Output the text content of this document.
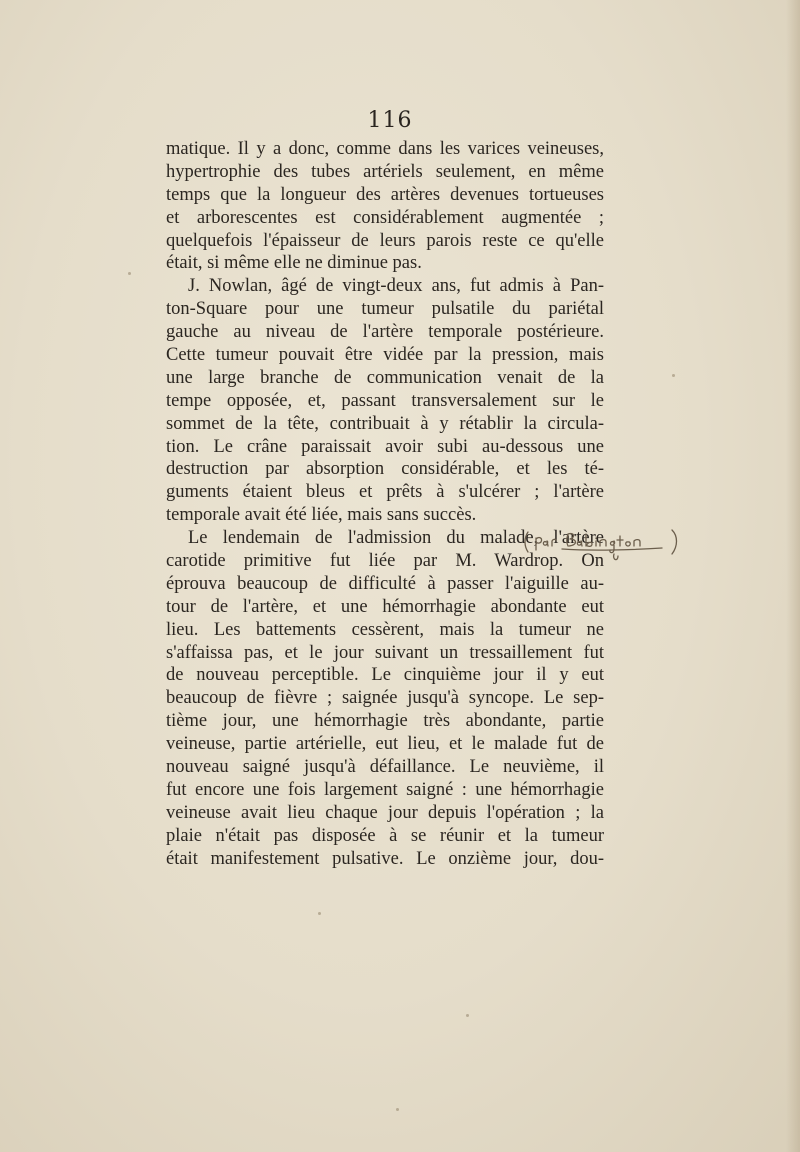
116
matique. Il y a donc, comme dans les varices veineuses,
hypertrophie des tubes artériels seulement, en même
temps que la longueur des artères devenues tortueuses
et arborescentes est considérablement augmentée ;
quelquefois l'épaisseur de leurs parois reste ce qu'elle
était, si même elle ne diminue pas.
J. Nowlan, âgé de vingt-deux ans, fut admis à Pan-
ton-Square pour une tumeur pulsatile du pariétal
gauche au niveau de l'artère temporale postérieure.
Cette tumeur pouvait être vidée par la pression, mais
une large branche de communication venait de la
tempe opposée, et, passant transversalement sur le
sommet de la tête, contribuait à y rétablir la circula-
tion. Le crâne paraissait avoir subi au-dessous une
destruction par absorption considérable, et les té-
guments étaient bleus et prêts à s'ulcérer ; l'artère
temporale avait été liée, mais sans succès.
Le lendemain de l'admission du malade, l'artère
carotide primitive fut liée par M. Wardrop. On
éprouva beaucoup de difficulté à passer l'aiguille au-
tour de l'artère, et une hémorrhagie abondante eut
lieu. Les battements cessèrent, mais la tumeur ne
s'affaissa pas, et le jour suivant un tressaillement fut
de nouveau perceptible. Le cinquième jour il y eut
beaucoup de fièvre ; saignée jusqu'à syncope. Le sep-
tième jour, une hémorrhagie très abondante, partie
veineuse, partie artérielle, eut lieu, et le malade fut de
nouveau saigné jusqu'à défaillance. Le neuvième, il
fut encore une fois largement saigné : une hémorrhagie
veineuse avait lieu chaque jour depuis l'opération ; la
plaie n'était pas disposée à se réunir et la tumeur
était manifestement pulsative. Le onzième jour, dou-
